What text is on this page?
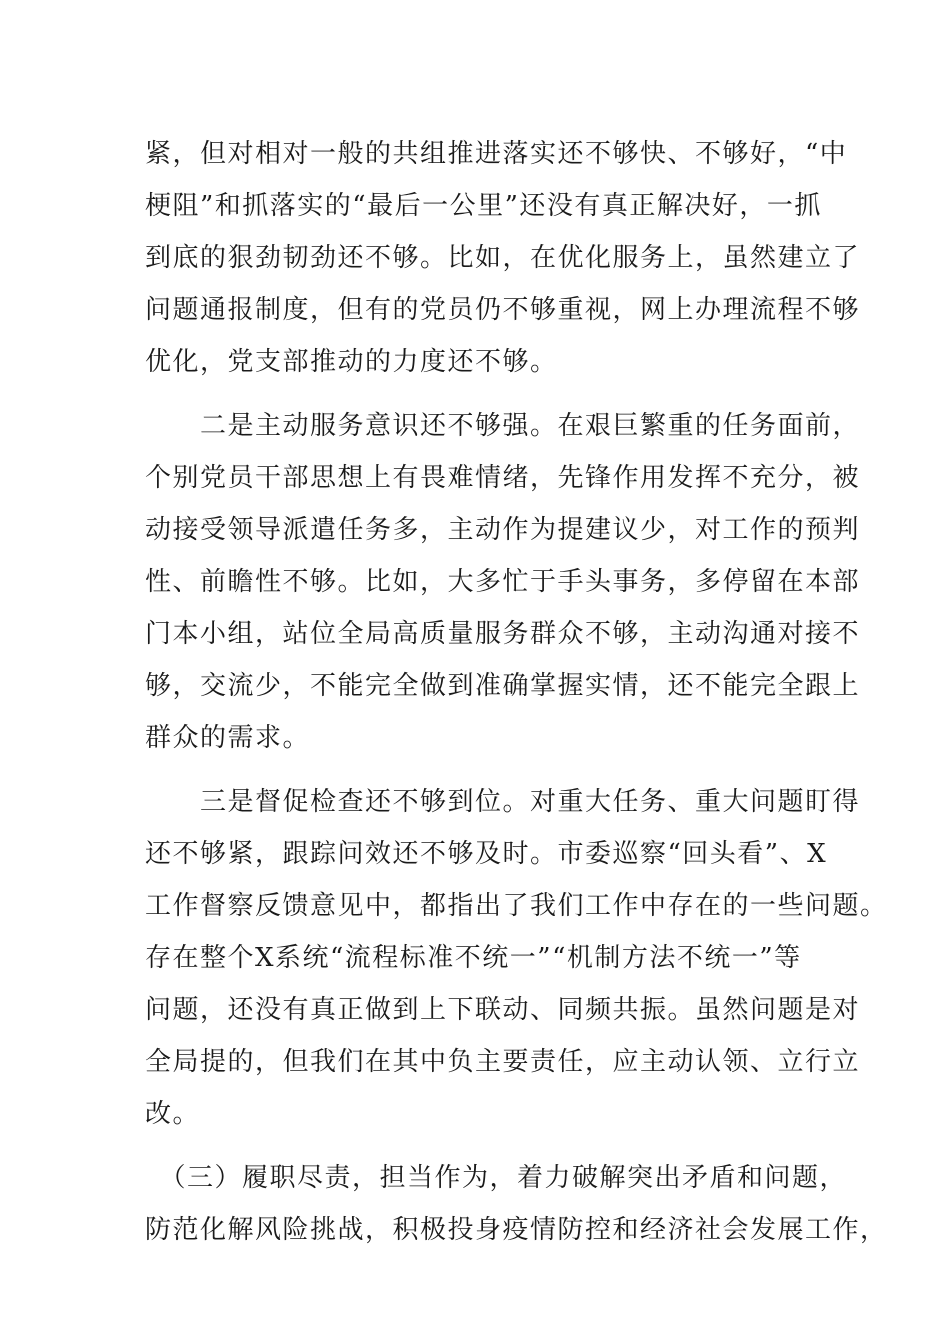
紧，但对相对一般的共组推进落实还不够快、不够好，“中
梗阻”和抓落实的“最后一公里”还没有真正解决好，一抓
到底的狠劲韧劲还不够。比如，在优化服务上，虽然建立了
问题通报制度，但有的党员仍不够重视，网上办理流程不够
优化，党支部推动的力度还不够。
　　二是主动服务意识还不够强。在艰巨繁重的任务面前，
个别党员干部思想上有畏难情绪，先锋作用发挥不充分，被
动接受领导派遣任务多，主动作为提建议少，对工作的预判
性、前瞻性不够。比如，大多忙于手头事务，多停留在本部
门本小组，站位全局高质量服务群众不够，主动沟通对接不
够，交流少，不能完全做到准确掌握实情，还不能完全跟上
群众的需求。
　　三是督促检查还不够到位。对重大任务、重大问题盯得
还不够紧，跟踪问效还不够及时。市委巡察“回头看”、X
工作督察反馈意见中，都指出了我们工作中存在的一些问题。
存在整个X系统“流程标准不统一”“机制方法不统一”等
问题，还没有真正做到上下联动、同频共振。虽然问题是对
全局提的，但我们在其中负主要责任，应主动认领、立行立
改。
　（三）履职尽责，担当作为，着力破解突出矛盾和问题，
防范化解风险挑战，积极投身疫情防控和经济社会发展工作，
